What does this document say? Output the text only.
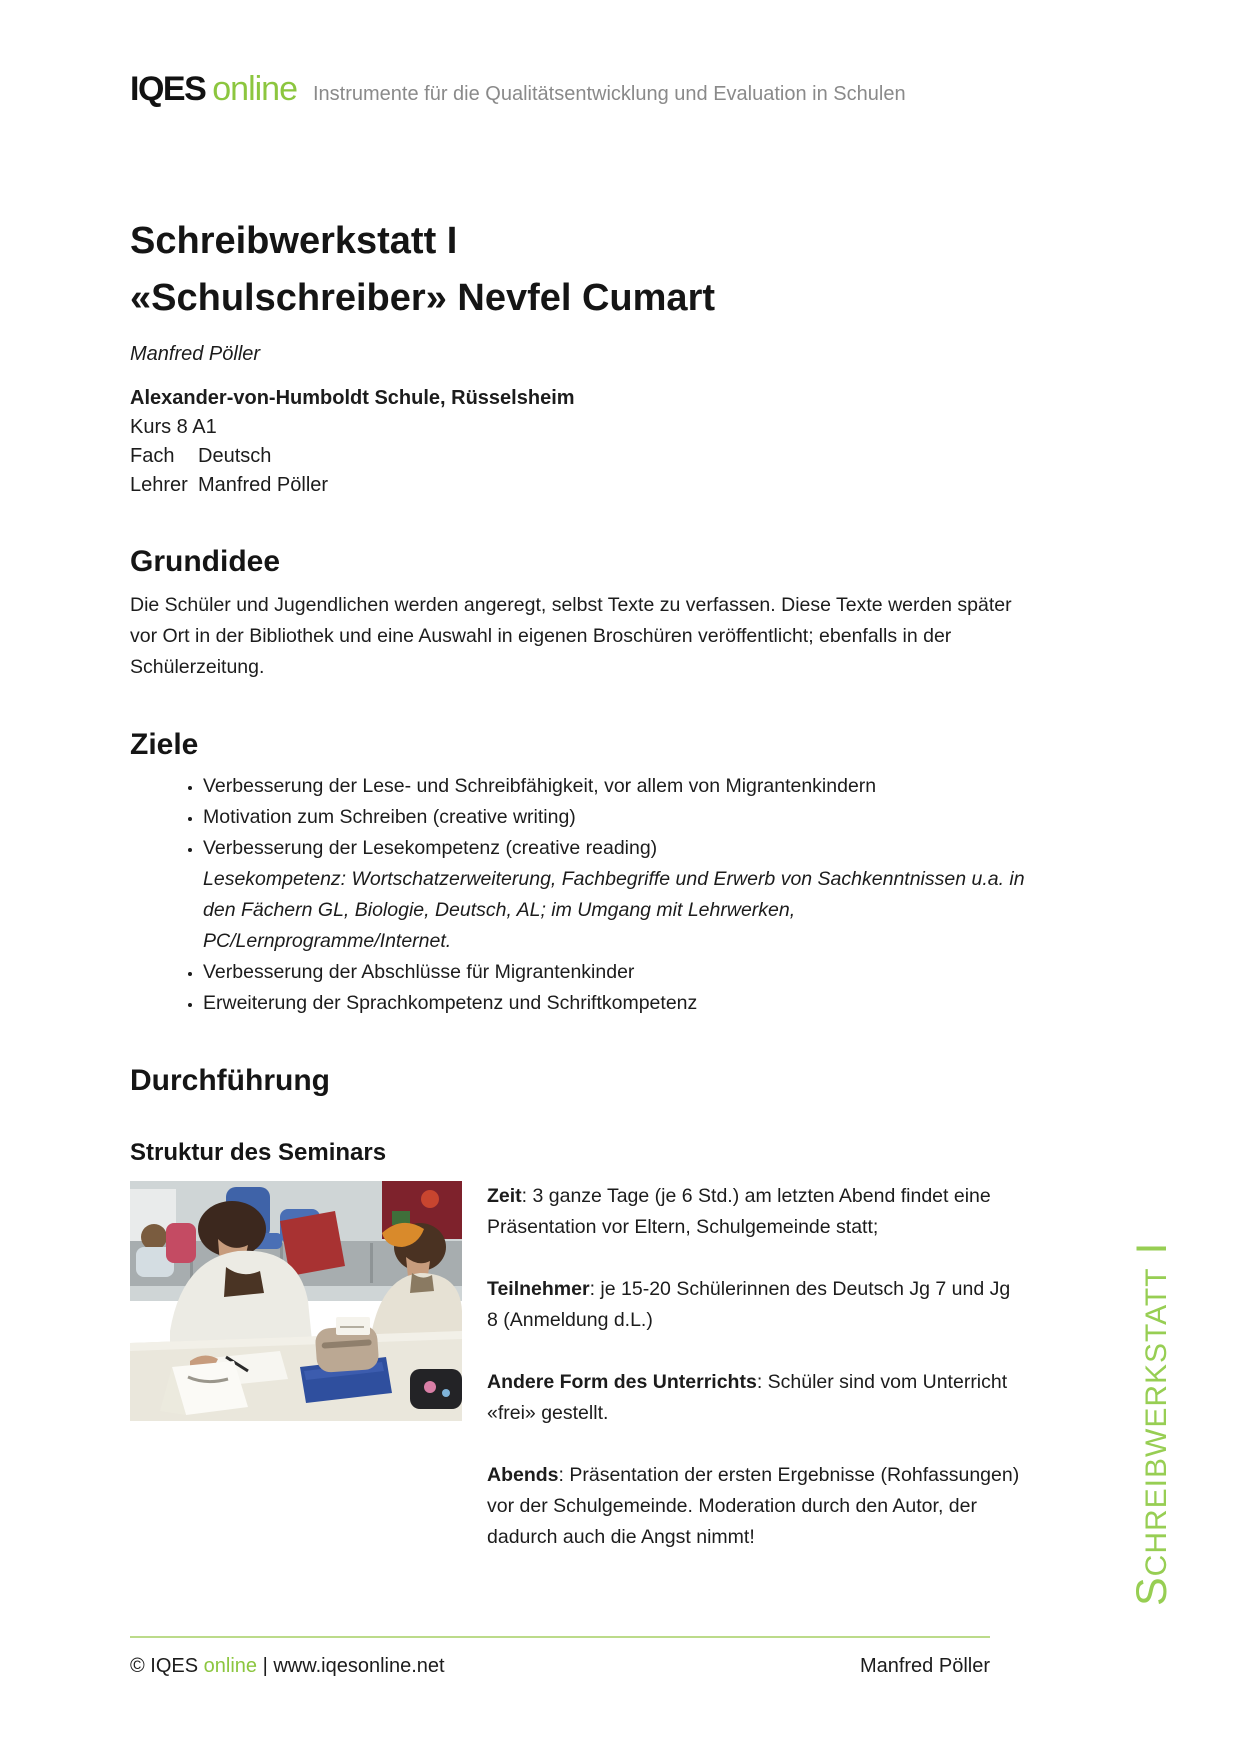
IQES online Instrumente für die Qualitätsentwicklung und Evaluation in Schulen
Schreibwerkstatt I
«Schulschreiber» Nevfel Cumart
Manfred Pöller
Alexander-von-Humboldt Schule, Rüsselsheim
Kurs 8 A1
Fach	Deutsch
Lehrer Manfred Pöller
Grundidee
Die Schüler und Jugendlichen werden angeregt, selbst Texte zu verfassen. Diese Texte werden später vor Ort in der Bibliothek und eine Auswahl in eigenen Broschüren veröffentlicht; ebenfalls in der Schülerzeitung.
Ziele
• Verbesserung der Lese- und Schreibfähigkeit, vor allem von Migrantenkindern
• Motivation zum Schreiben (creative writing)
• Verbesserung der Lesekompetenz (creative reading)
Lesekompetenz: Wortschatzerweiterung, Fachbegriffe und Erwerb von Sachkenntnissen u.a. in den Fächern GL, Biologie, Deutsch, AL; im Umgang mit Lehrwerken, PC/Lernprogramme/Internet.
• Verbesserung der Abschlüsse für Migrantenkinder
• Erweiterung der Sprachkompetenz und Schriftkompetenz
Durchführung
Struktur des Seminars

Zeit: 3 ganze Tage (je 6 Std.) am letzten Abend findet eine Präsentation vor Eltern, Schulgemeinde statt;

Teilnehmer: je 15-20 Schülerinnen des Deutsch Jg 7 und Jg 8 (Anmeldung d.L.)

Andere Form des Unterrichts: Schüler sind vom Unterricht «frei» gestellt.

Abends: Präsentation der ersten Ergebnisse (Rohfassungen) vor der Schulgemeinde. Moderation durch den Autor, der dadurch auch die Angst nimmt!	Schreibwerkstatt I
© IQES online | www.iqesonline.net	Manfred Pöller
